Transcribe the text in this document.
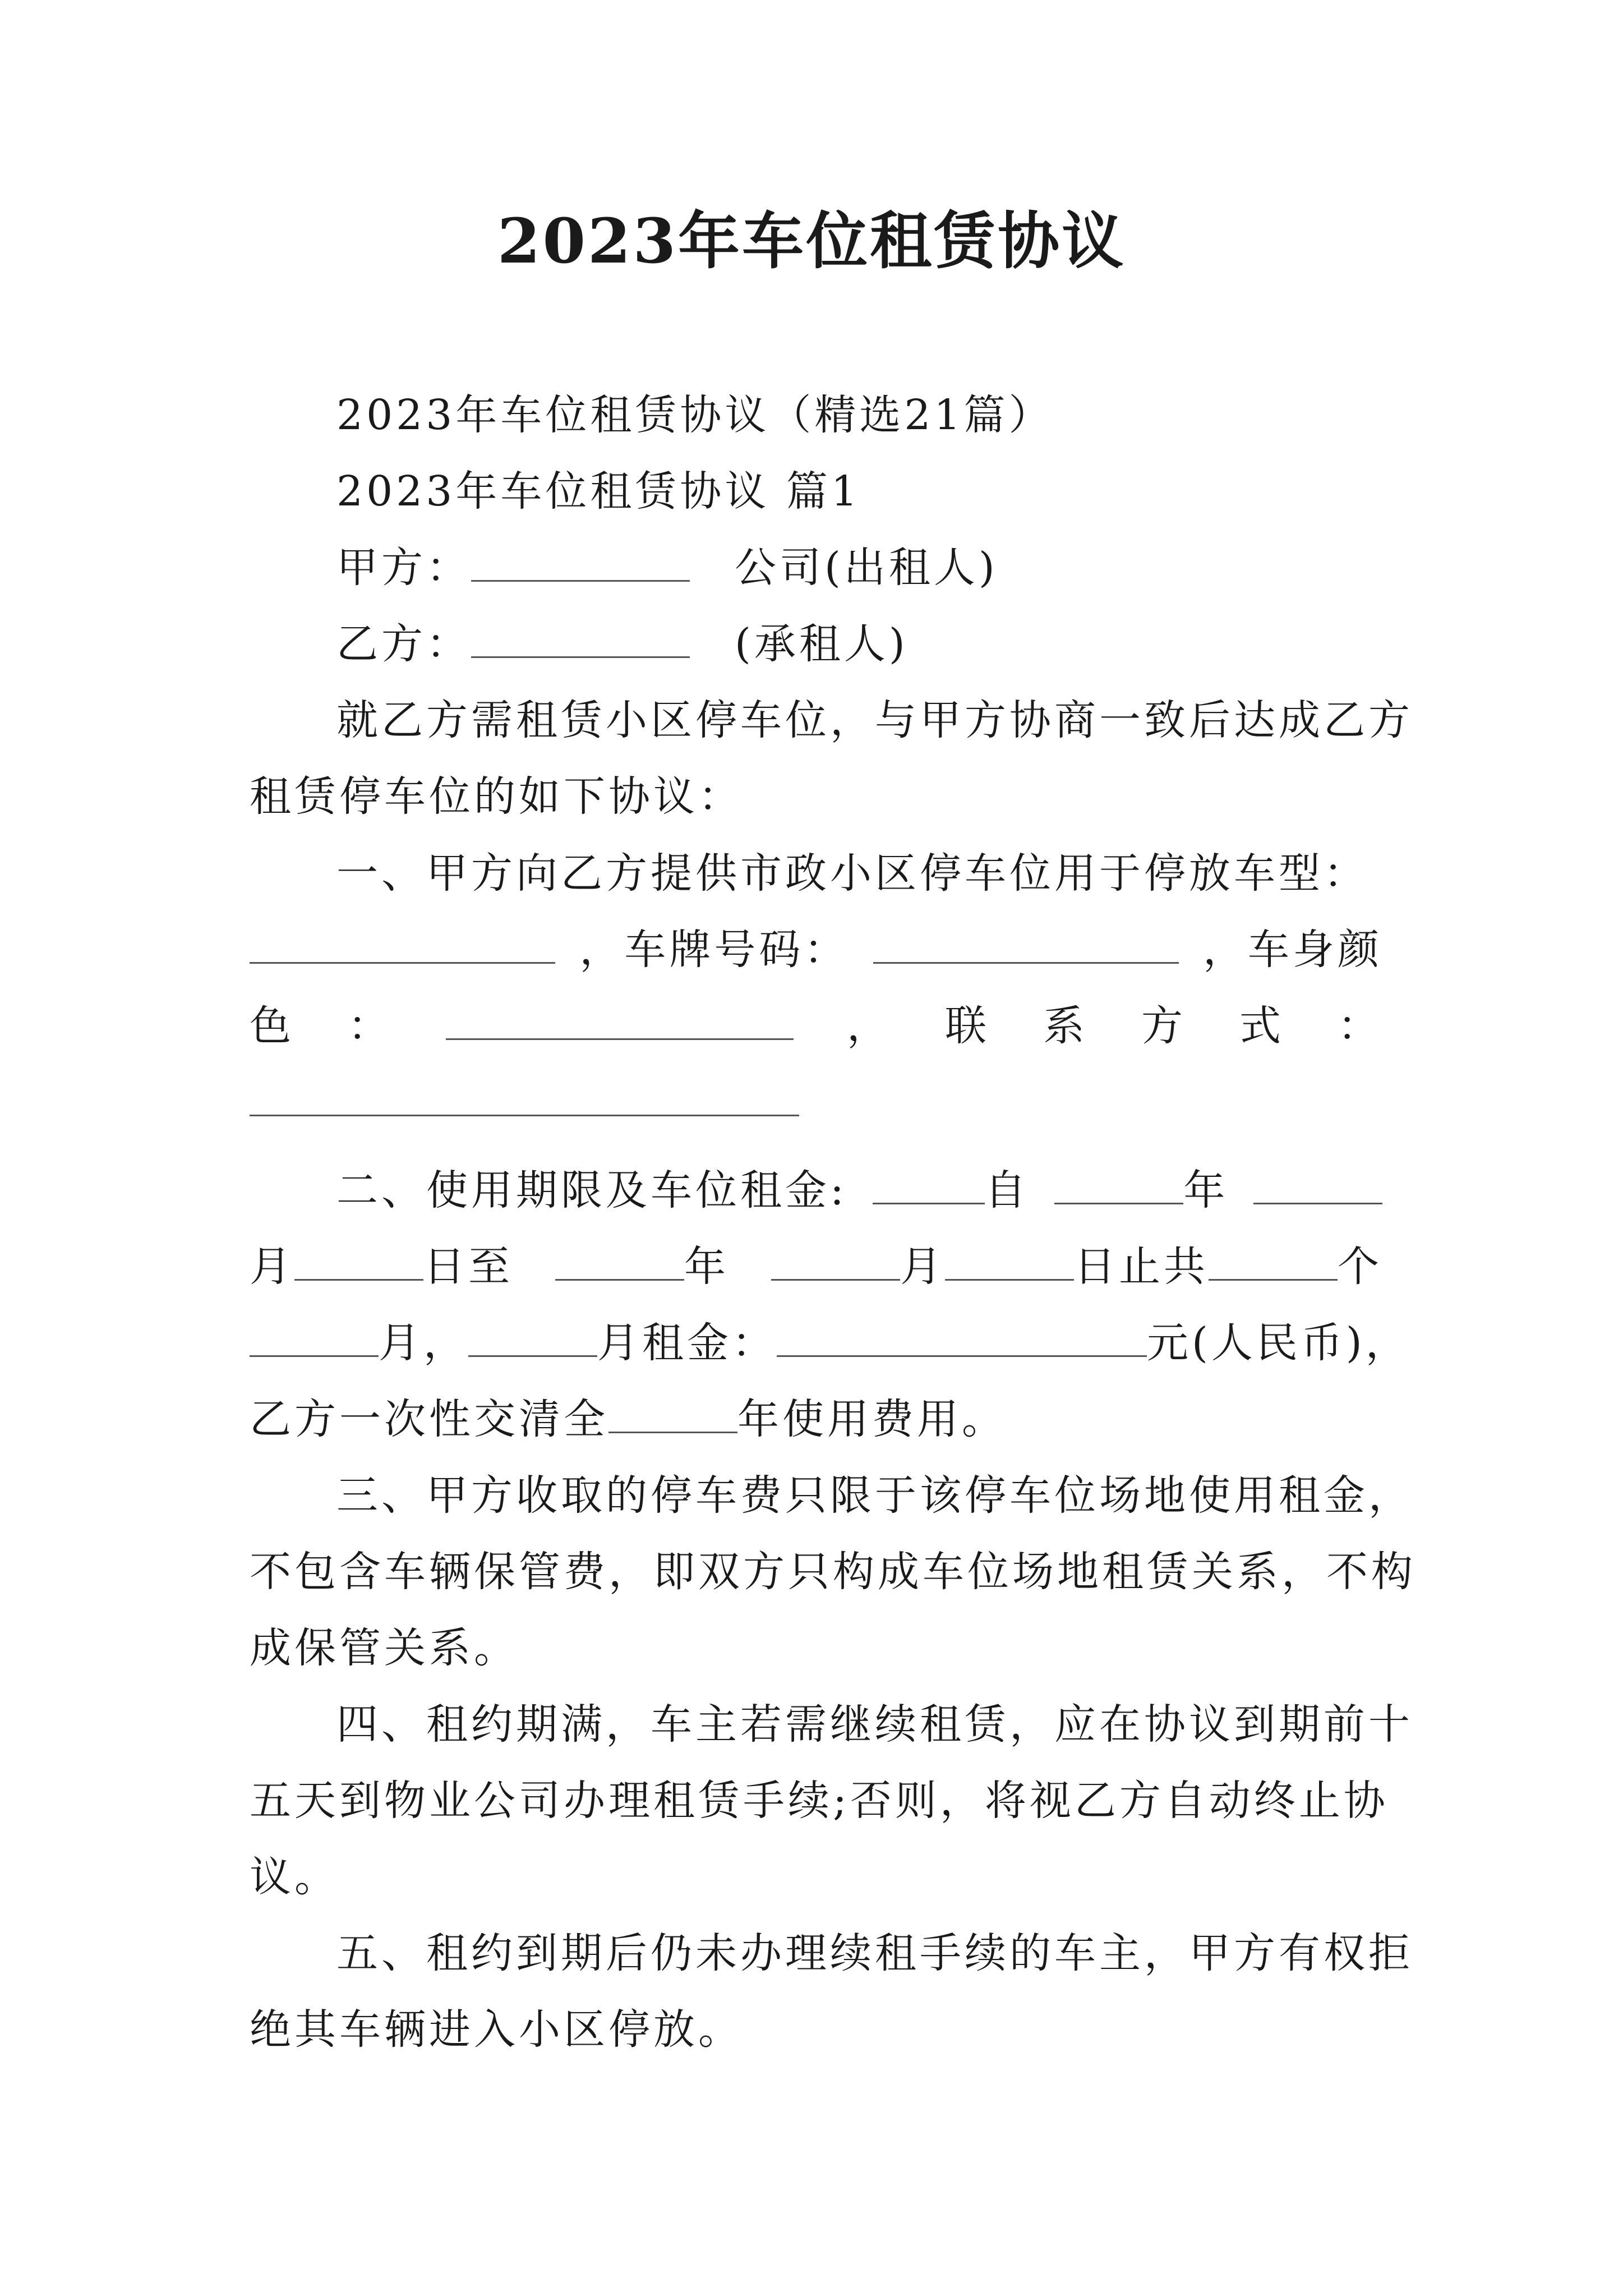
2023年车位租赁协议
2023年车位租赁协议（精选21篇）
2023年车位租赁协议 篇1
甲方：	公司(出租人)
乙方：	(承租人)
就乙方需租赁小区停车位，与甲方协商一致后达成乙方
租赁停车位的如下协议：
一、甲方向乙方提供市政小区停车位用于停放车型：
，车牌号码：	，车身颜
色 ：	， 联 系 方 式 ：
二、使用期限及车位租金:	自	年
月	日至	年	月	日止共	个
月，	月租金：	元(人民币)，
乙方一次性交清全	年使用费用。
三、甲方收取的停车费只限于该停车位场地使用租金，
不包含车辆保管费，即双方只构成车位场地租赁关系，不构
成保管关系。
四、租约期满，车主若需继续租赁，应在协议到期前十
五天到物业公司办理租赁手续;否则，将视乙方自动终止协
议。
五、租约到期后仍未办理续租手续的车主，甲方有权拒
绝其车辆进入小区停放。
